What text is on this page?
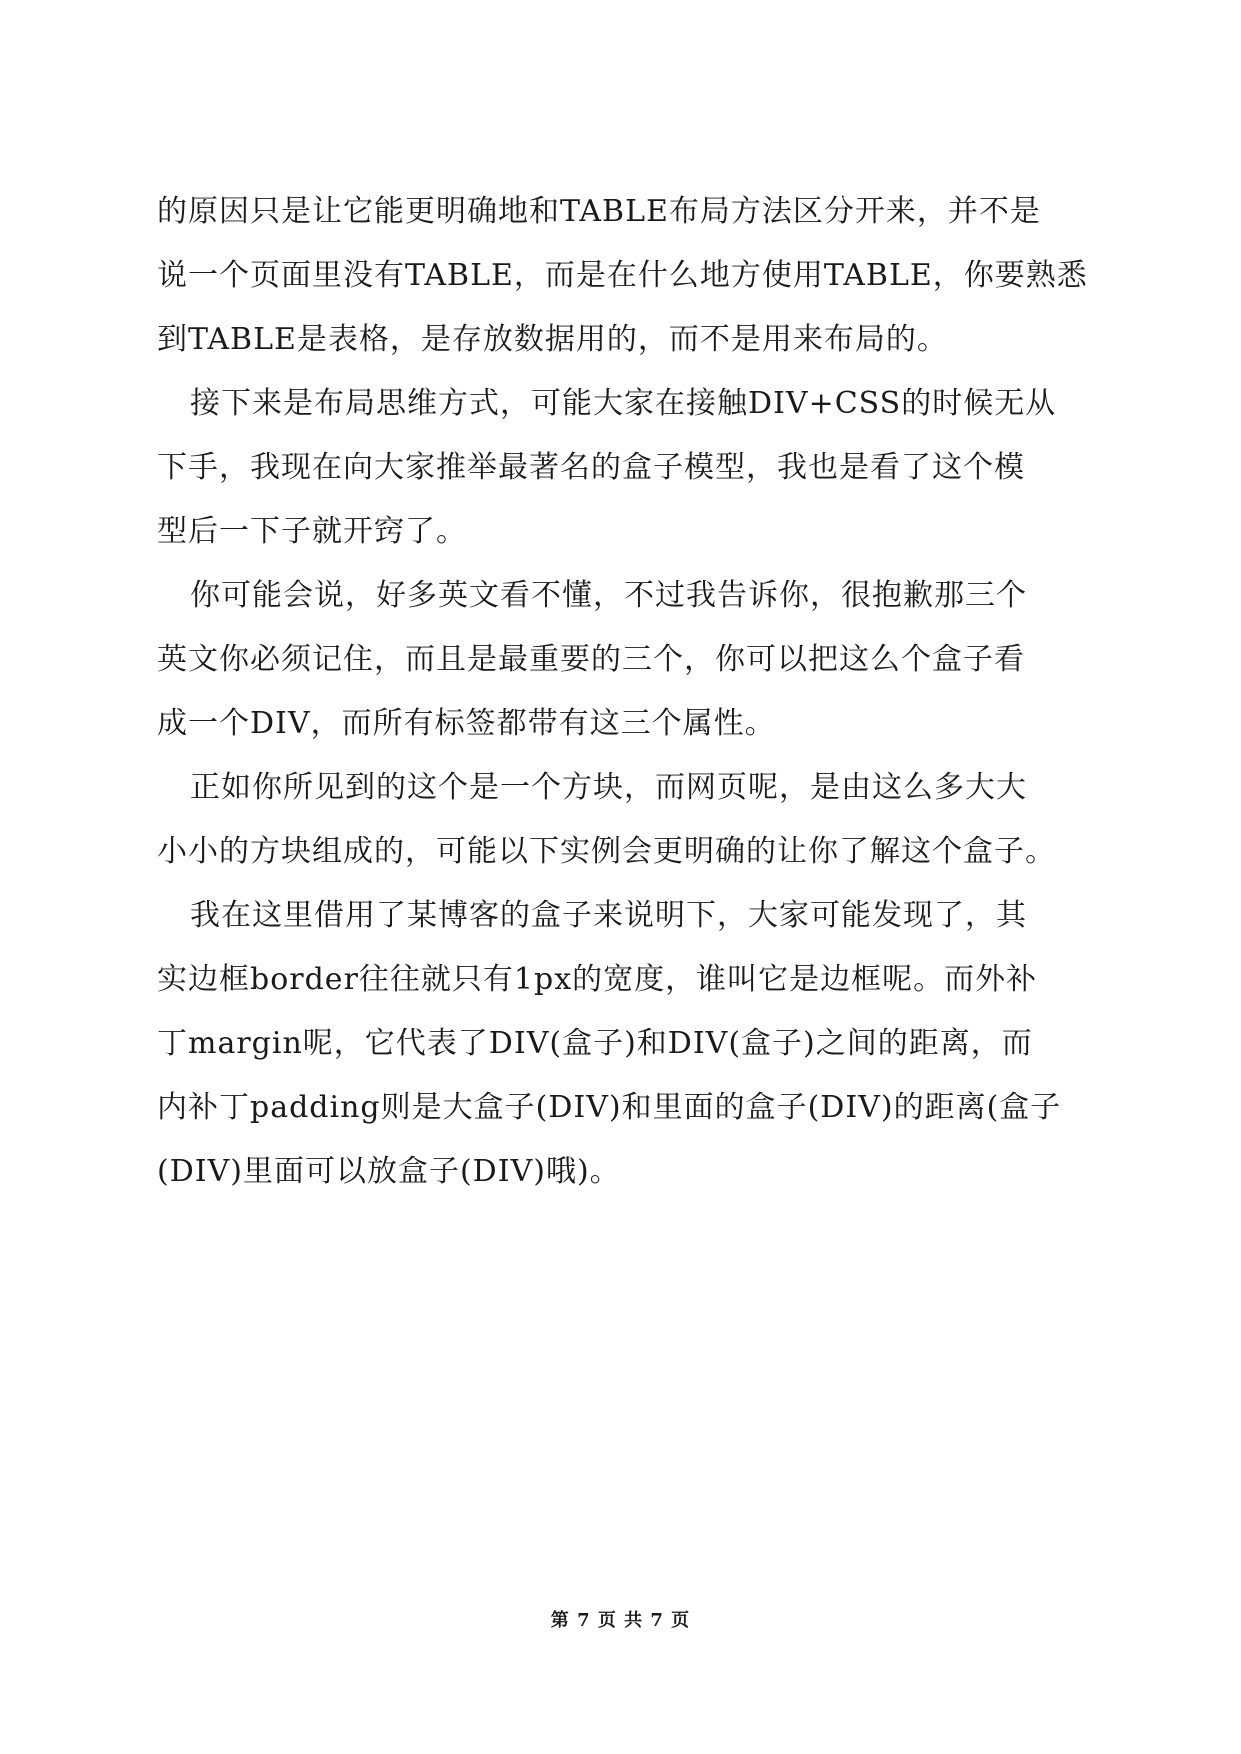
的原因只是让它能更明确地和TABLE布局方法区分开来，并不是
说一个页面里没有TABLE，而是在什么地方使用TABLE，你要熟悉
到TABLE是表格，是存放数据用的，而不是用来布局的。
接下来是布局思维方式，可能大家在接触DIV+CSS的时候无从
下手，我现在向大家推举最著名的盒子模型，我也是看了这个模
型后一下子就开窍了。
你可能会说，好多英文看不懂，不过我告诉你，很抱歉那三个
英文你必须记住，而且是最重要的三个，你可以把这么个盒子看
成一个DIV，而所有标签都带有这三个属性。
正如你所见到的这个是一个方块，而网页呢，是由这么多大大
小小的方块组成的，可能以下实例会更明确的让你了解这个盒子。
我在这里借用了某博客的盒子来说明下，大家可能发现了，其
实边框border往往就只有1px的宽度，谁叫它是边框呢。而外补
丁margin呢，它代表了DIV(盒子)和DIV(盒子)之间的距离，而
内补丁padding则是大盒子(DIV)和里面的盒子(DIV)的距离(盒子
(DIV)里面可以放盒子(DIV)哦)。
第 7 页 共 7 页
